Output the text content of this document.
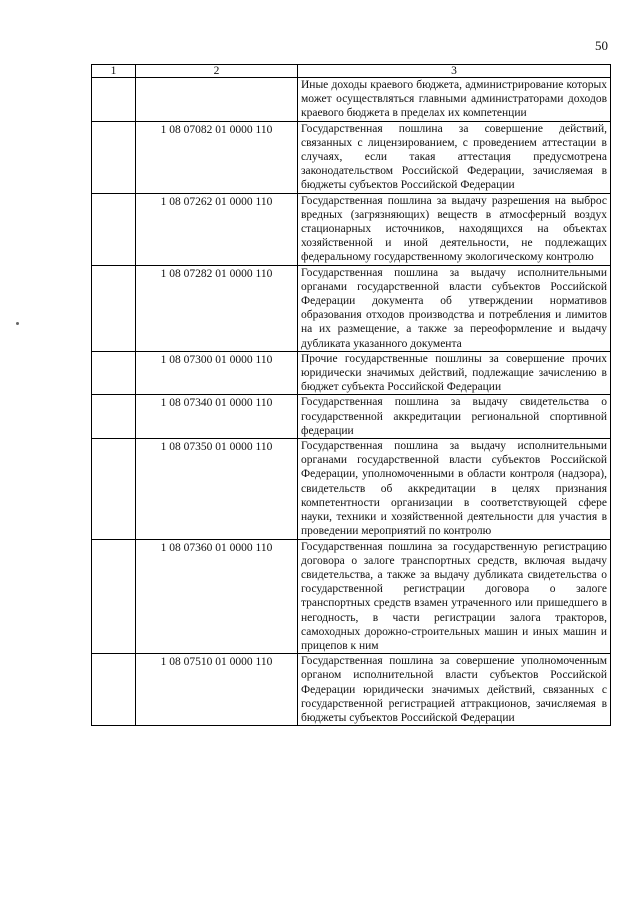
50
1	2	3
		Иные доходы краевого бюджета, администрирование которых может осуществляться главными администраторами доходов краевого бюджета в пределах их компетенции
	1 08 07082 01 0000 110	Государственная пошлина за совершение действий, связанных с лицензированием, с проведением аттестации в случаях, если такая аттестация предусмотрена законодательством Российской Федерации, зачисляемая в бюджеты субъектов Российской Федерации
	1 08 07262 01 0000 110	Государственная пошлина за выдачу разрешения на выброс вредных (загрязняющих) веществ в атмосферный воздух стационарных источников, находящихся на объектах хозяйственной и иной деятельности, не подлежащих федеральному государственному экологическому контролю
	1 08 07282 01 0000 110	Государственная пошлина за выдачу исполнительными органами государственной власти субъектов Российской Федерации документа об утверждении нормативов образования отходов производства и потребления и лимитов на их размещение, а также за переоформление и выдачу дубликата указанного документа
	1 08 07300 01 0000 110	Прочие государственные пошлины за совершение прочих юридически значимых действий, подлежащие зачислению в бюджет субъекта Российской Федерации
	1 08 07340 01 0000 110	Государственная пошлина за выдачу свидетельства о государственной аккредитации региональной спортивной федерации
	1 08 07350 01 0000 110	Государственная пошлина за выдачу исполнительными органами государственной власти субъектов Российской Федерации, уполномоченными в области контроля (надзора), свидетельств об аккредитации в целях признания компетентности организации в соответствующей сфере науки, техники и хозяйственной деятельности для участия в проведении мероприятий по контролю
	1 08 07360 01 0000 110	Государственная пошлина за государственную регистрацию договора о залоге транспортных средств, включая выдачу свидетельства, а также за выдачу дубликата свидетельства о государственной регистрации договора о залоге транспортных средств взамен утраченного или пришедшего в негодность, в части регистрации залога тракторов, самоходных дорожно-строительных машин и иных машин и прицепов к ним
	1 08 07510 01 0000 110	Государственная пошлина за совершение уполномоченным органом исполнительной власти субъектов Российской Федерации юридически значимых действий, связанных с государственной регистрацией аттракционов, зачисляемая в бюджеты субъектов Российской Федерации
